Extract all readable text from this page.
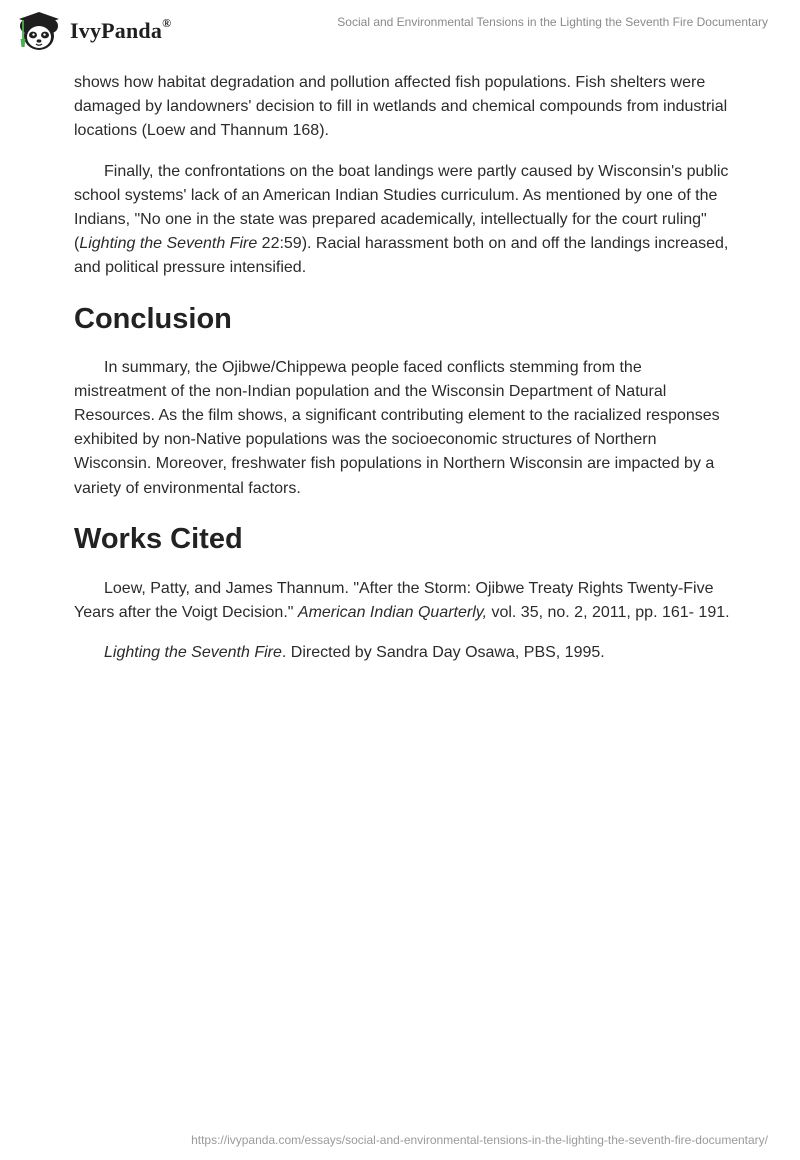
IvyPanda®	Social and Environmental Tensions in the Lighting the Seventh Fire Documentary

shows how habitat degradation and pollution affected fish populations. Fish shelters were damaged by landowners' decision to fill in wetlands and chemical compounds from industrial locations (Loew and Thannum 168).

Finally, the confrontations on the boat landings were partly caused by Wisconsin's public school systems' lack of an American Indian Studies curriculum. As mentioned by one of the Indians, "No one in the state was prepared academically, intellectually for the court ruling" (Lighting the Seventh Fire 22:59). Racial harassment both on and off the landings increased, and political pressure intensified.

Conclusion

In summary, the Ojibwe/Chippewa people faced conflicts stemming from the mistreatment of the non-Indian population and the Wisconsin Department of Natural Resources. As the film shows, a significant contributing element to the racialized responses exhibited by non-Native populations was the socioeconomic structures of Northern Wisconsin. Moreover, freshwater fish populations in Northern Wisconsin are impacted by a variety of environmental factors.

Works Cited

Loew, Patty, and James Thannum. "After the Storm: Ojibwe Treaty Rights Twenty-Five Years after the Voigt Decision." American Indian Quarterly, vol. 35, no. 2, 2011, pp. 161- 191.

Lighting the Seventh Fire. Directed by Sandra Day Osawa, PBS, 1995.

https://ivypanda.com/essays/social-and-environmental-tensions-in-the-lighting-the-seventh-fire-documentary/
